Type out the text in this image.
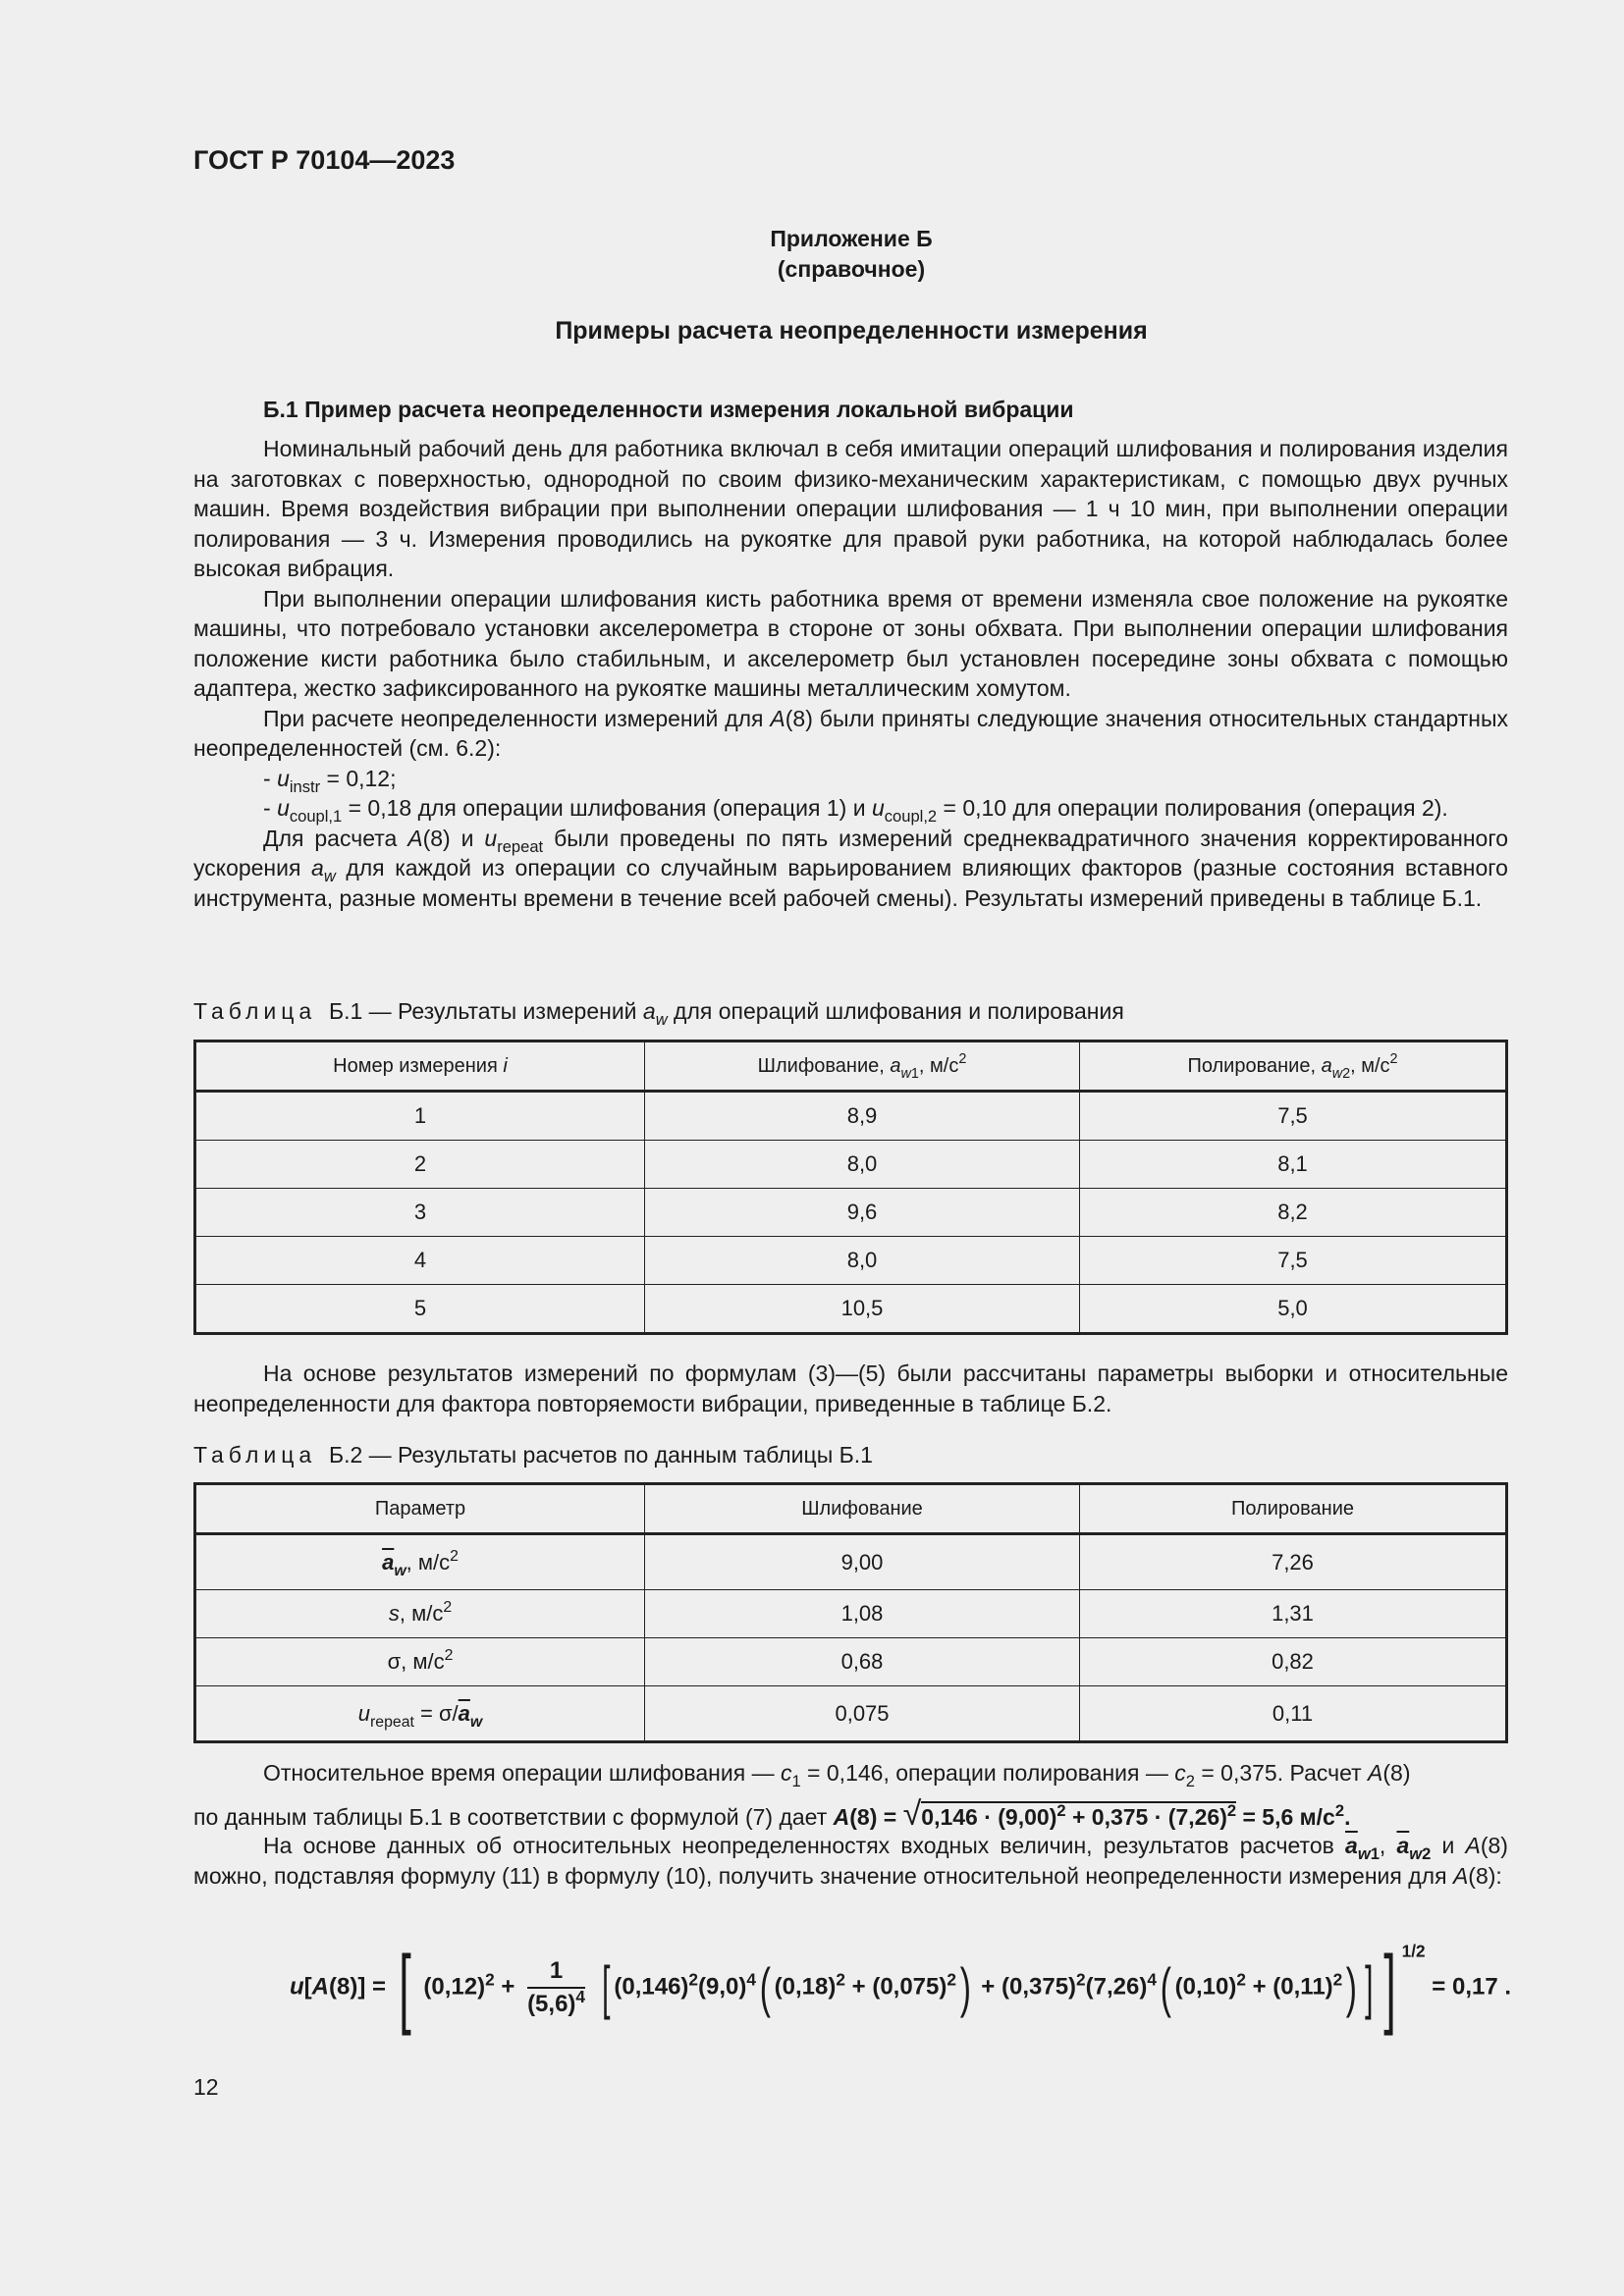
ГОСТ Р 70104—2023
Приложение Б
(справочное)
Примеры расчета неопределенности измерения
Б.1 Пример расчета неопределенности измерения локальной вибрации

Номинальный рабочий день для работника включал в себя имитации операций шлифования и полирования изделия на заготовках с поверхностью, однородной по своим физико-механическим характеристикам, с помощью двух ручных машин. Время воздействия вибрации при выполнении операции шлифования — 1 ч 10 мин, при выполнении операции полирования — 3 ч. Измерения проводились на рукоятке для правой руки работника, на которой наблюдалась более высокая вибрация.

При выполнении операции шлифования кисть работника время от времени изменяла свое положение на рукоятке машины, что потребовало установки акселерометра в стороне от зоны обхвата. При выполнении операции шлифования положение кисти работника было стабильным, и акселерометр был установлен посередине зоны обхвата с помощью адаптера, жестко зафиксированного на рукоятке машины металлическим хомутом.

При расчете неопределенности измерений для A(8) были приняты следующие значения относительных стандартных неопределенностей (см. 6.2):

- $u_{instr} = 0,12$;

- $u_{coupl,1} = 0,18$ для операции шлифования (операция 1) и $u_{coupl,2} = 0,10$ для операции полирования (операция 2).

Для расчета A(8) и $u_{repeat}$ были проведены по пять измерений среднеквадратичного значения корректированного ускорения $a_w$ для каждой из операции со случайным варьированием влияющих факторов (разные состояния вставного инструмента, разные моменты времени в течение всей рабочей смены). Результаты измерений приведены в таблице Б.1.

Таблица Б.1 — Результаты измерений $a_w$ для операций шлифования и полирования
Номер измерения i	Шлифование, $a_{w1}$, $м/с^2$	Полирование, $a_{w2}$, $м/с^2$
1	8,9	7,5
2	8,0	8,1
3	9,6	8,2
4	8,0	7,5
5	10,5	5,0

На основе результатов измерений по формулам (3)—(5) были рассчитаны параметры выборки и относительные неопределенности для фактора повторяемости вибрации, приведенные в таблице Б.2.

Таблица Б.2 — Результаты расчетов по данным таблицы Б.1
Параметр	Шлифование	Полирование
$\overline{a}_w$, $м/с^2$	9,00	7,26
s, $м/с^2$	1,08	1,31
σ, $м/с^2$	0,68	0,82
$u_{repeat} = \sigma/\overline{a}_w$	0,075	0,11

Относительное время операции шлифования — $c_1 = 0,146$, операции полирования — $c_2 = 0,375$. Расчет A(8)

по данным таблицы Б.1 в соответствии с формулой (7) дает $A(8) = √0,146 \cdot (9,00)^2 + 0,375 \cdot (7,26)^2 = 5,6$ $м/с^2$.

На основе данных об относительных неопределенностях входных величин, результатов расчетов $\overline{a}_{w1}$, $\overline{a}_{w2}$ и A(8) можно, подставляя формулу (11) в формулу (10), получить значение относительной неопределенности измерения для A(8):

u[A(8)] = [ $(0,12)^2 + \frac{1}{(5,6)^4}$ [ $(0,146)^2(9,0)^4$( $(0,18)^2 + (0,075)^2) + (0,375)^2(7,26)^4$( $(0,10)^2 + (0,11)^2$) ] ] $^{1/2}$ = 0,17 .
12
